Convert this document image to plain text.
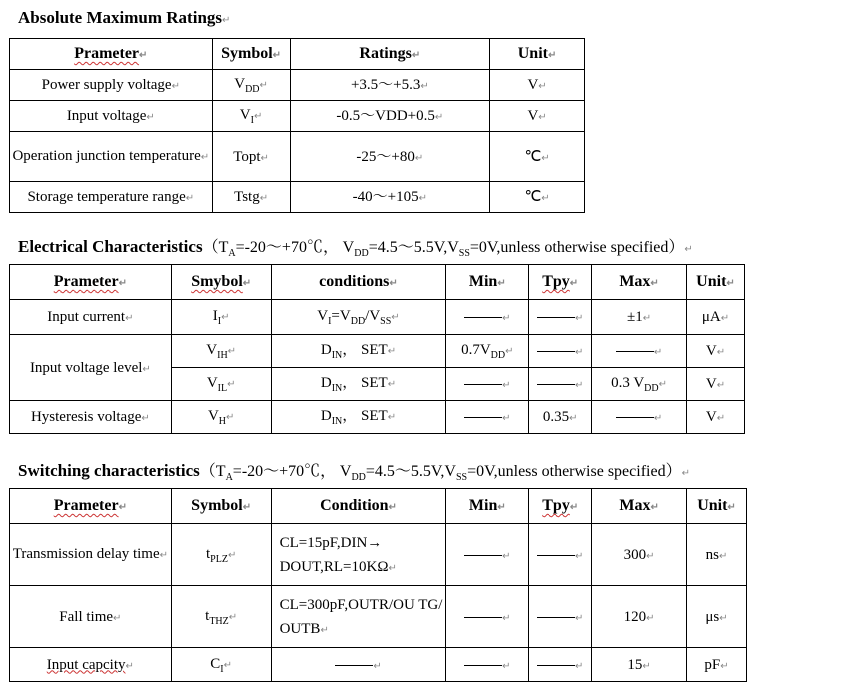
Absolute Maximum Ratings↵
Prameter↵	Symbol↵	Ratings↵	Unit↵
Power supply voltage↵	$V_{DD}↵$	+3.5～+5.3↵	V↵
Input voltage↵	$V_I↵$	-0.5～VDD+0.5↵	V↵
Operation junction temperature↵	Topt↵	-25～+80↵	℃↵
Storage temperature range↵	Tstg↵	-40～+105↵	℃↵
Electrical $Characteristics(T_A=-20\sim+70℃$， $V_{DD}=4.5\sim 5.5V,V_{SS}=0V,unless$ otherwise specified）↵
Prameter↵	Smybol↵	conditions↵	Min↵	Tpy↵	Max↵	Unit↵
Input current↵	$I_I↵$	$V_I=V_{DD}/V_{SS}↵$	↵	↵	±1↵	μA↵
Input voltage level↵	$V_{IH}↵$	$D_{IN}$， SET↵	$0.7V_{DD}↵$	↵	↵	V↵
	$V_{IL}↵$	$D_{IN}$， SET↵	↵	↵	0.3 $V_{DD}↵$	V↵
Hysteresis voltage↵	$V_H↵$	$D_{IN}$， SET↵	↵	0.35↵	↵	V↵
Switching $characteristics(T_A=-20\sim+70℃$， $V_{DD}=4.5\sim 5.5V,V_{SS}=0V,unless$ otherwise specified）↵
Prameter↵	Symbol↵	Condition↵	Min↵	Tpy↵	Max↵	Unit↵
Transmission delay time↵	$t_{PLZ}↵$	CL=15pF,DIN→ DOUT,RL=10KΩ↵	↵	↵	300↵	ns↵
Fall time↵	$t_{THZ}↵$	CL=300pF,OUTR/OU TG/OUTB↵	↵	↵	120↵	μs↵
Input capcity↵	$C_I↵$	↵	↵	↵	15↵	pF↵
